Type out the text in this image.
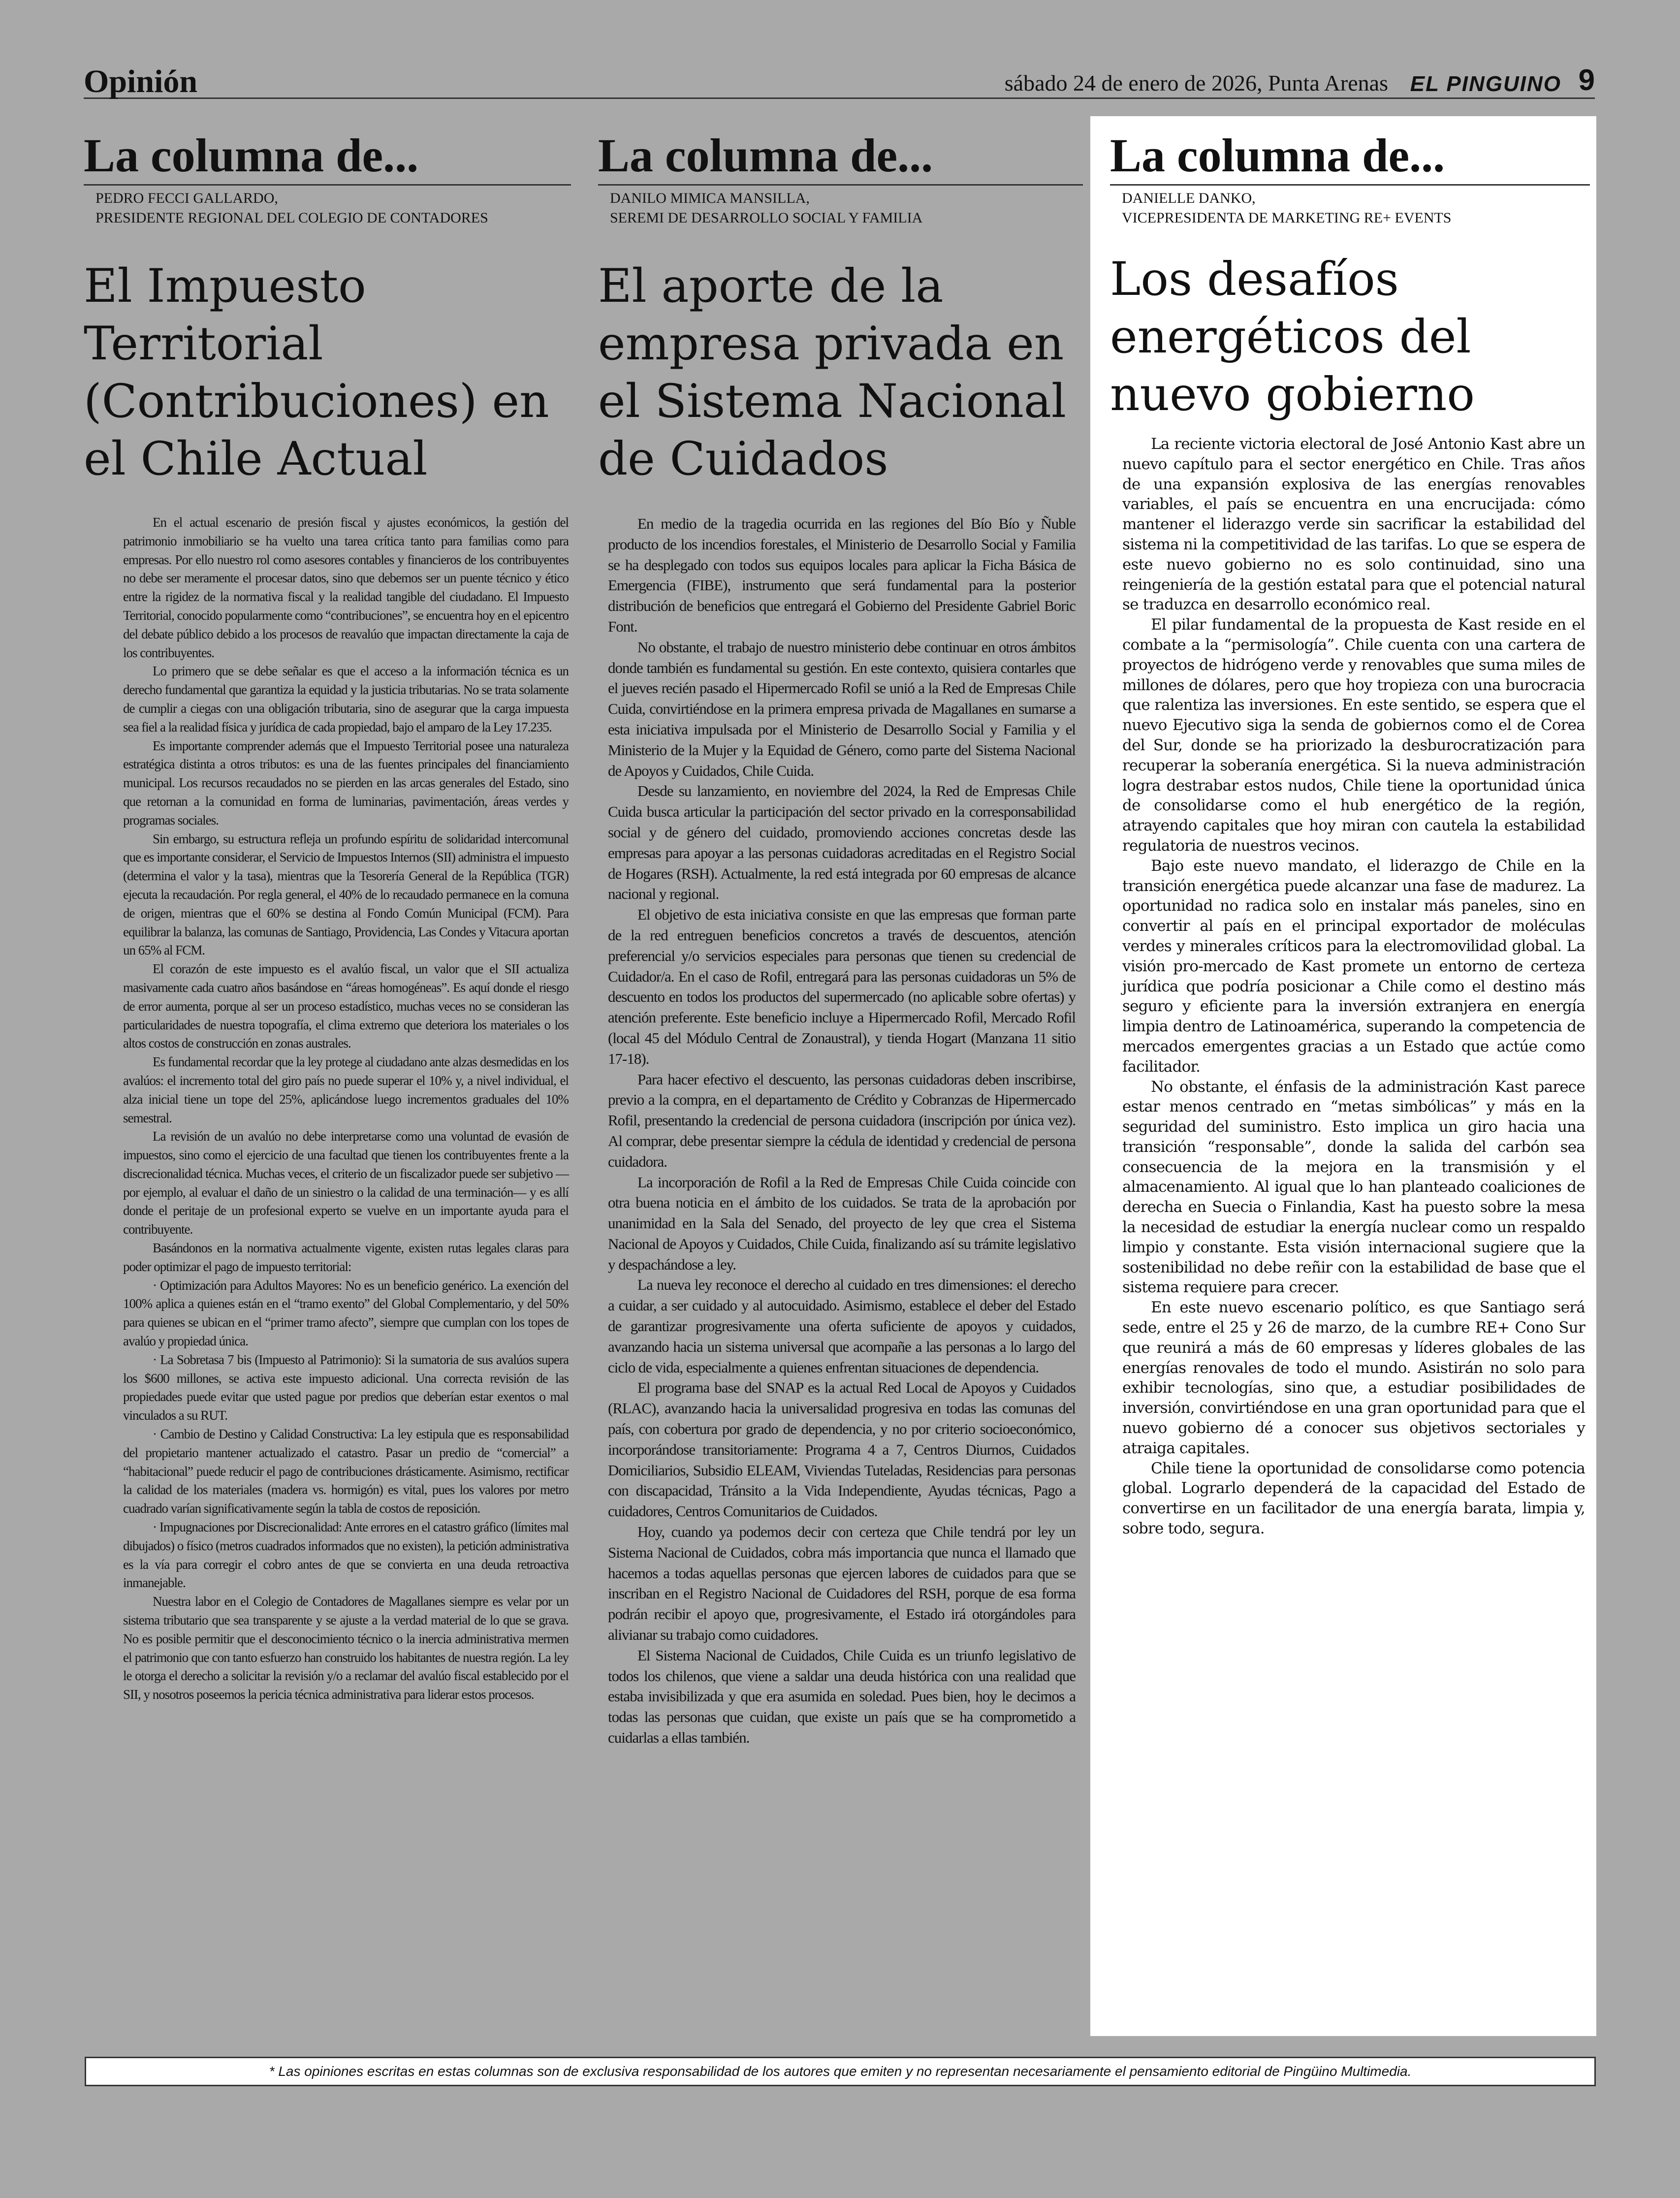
Opinión	sábado 24 de enero de 2026, Punta Arenas EL PINGUINO 9
La columna de...
PEDRO FECCI GALLARDO,
PRESIDENTE REGIONAL DEL COLEGIO DE CONTADORES
El Impuesto Territorial (Contribuciones) en el Chile Actual

En el actual escenario de presión fiscal y ajustes económicos, la gestión del patrimonio inmobiliario se ha vuelto una tarea crítica tanto para familias como para empresas. Por ello nuestro rol como asesores contables y financieros de los contribuyentes no debe ser meramente el procesar datos, sino que debemos ser un puente técnico y ético entre la rigidez de la normativa fiscal y la realidad tangible del ciudadano. El Impuesto Territorial, conocido popularmente como “contribuciones”, se encuentra hoy en el epicentro del debate público debido a los procesos de reavalúo que impactan directamente la caja de los contribuyentes.

Lo primero que se debe señalar es que el acceso a la información técnica es un derecho fundamental que garantiza la equidad y la justicia tributarias. No se trata solamente de cumplir a ciegas con una obligación tributaria, sino de asegurar que la carga impuesta sea fiel a la realidad física y jurídica de cada propiedad, bajo el amparo de la Ley 17.235.

Es importante comprender además que el Impuesto Territorial posee una naturaleza estratégica distinta a otros tributos: es una de las fuentes principales del financiamiento municipal. Los recursos recaudados no se pierden en las arcas generales del Estado, sino que retornan a la comunidad en forma de luminarias, pavimentación, áreas verdes y programas sociales.

Sin embargo, su estructura refleja un profundo espíritu de solidaridad intercomunal que es importante considerar, el Servicio de Impuestos Internos (SII) administra el impuesto (determina el valor y la tasa), mientras que la Tesorería General de la República (TGR) ejecuta la recaudación. Por regla general, el 40% de lo recaudado permanece en la comuna de origen, mientras que el 60% se destina al Fondo Común Municipal (FCM). Para equilibrar la balanza, las comunas de Santiago, Providencia, Las Condes y Vitacura aportan un 65% al FCM.

El corazón de este impuesto es el avalúo fiscal, un valor que el SII actualiza masivamente cada cuatro años basándose en “áreas homogéneas”. Es aquí donde el riesgo de error aumenta, porque al ser un proceso estadístico, muchas veces no se consideran las particularidades de nuestra topografía, el clima extremo que deteriora los materiales o los altos costos de construcción en zonas australes.

Es fundamental recordar que la ley protege al ciudadano ante alzas desmedidas en los avalúos: el incremento total del giro país no puede superar el 10% y, a nivel individual, el alza inicial tiene un tope del 25%, aplicándose luego incrementos graduales del 10% semestral.

La revisión de un avalúo no debe interpretarse como una voluntad de evasión de impuestos, sino como el ejercicio de una facultad que tienen los contribuyentes frente a la discrecionalidad técnica. Muchas veces, el criterio de un fiscalizador puede ser subjetivo —por ejemplo, al evaluar el daño de un siniestro o la calidad de una terminación— y es allí donde el peritaje de un profesional experto se vuelve en un importante ayuda para el contribuyente.

Basándonos en la normativa actualmente vigente, existen rutas legales claras para poder optimizar el pago de impuesto territorial:

· Optimización para Adultos Mayores: No es un beneficio genérico. La exención del 100% aplica a quienes están en el “tramo exento” del Global Complementario, y del 50% para quienes se ubican en el “primer tramo afecto”, siempre que cumplan con los topes de avalúo y propiedad única.

· La Sobretasa 7 bis (Impuesto al Patrimonio): Si la sumatoria de sus avalúos supera los $600 millones, se activa este impuesto adicional. Una correcta revisión de las propiedades puede evitar que usted pague por predios que deberían estar exentos o mal vinculados a su RUT.

· Cambio de Destino y Calidad Constructiva: La ley estipula que es responsabilidad del propietario mantener actualizado el catastro. Pasar un predio de “comercial” a “habitacional” puede reducir el pago de contribuciones drásticamente. Asimismo, rectificar la calidad de los materiales (madera vs. hormigón) es vital, pues los valores por metro cuadrado varían significativamente según la tabla de costos de reposición.

· Impugnaciones por Discrecionalidad: Ante errores en el catastro gráfico (límites mal dibujados) o físico (metros cuadrados informados que no existen), la petición administrativa es la vía para corregir el cobro antes de que se convierta en una deuda retroactiva inmanejable.

Nuestra labor en el Colegio de Contadores de Magallanes siempre es velar por un sistema tributario que sea transparente y se ajuste a la verdad material de lo que se grava. No es posible permitir que el desconocimiento técnico o la inercia administrativa mermen el patrimonio que con tanto esfuerzo han construido los habitantes de nuestra región. La ley le otorga el derecho a solicitar la revisión y/o a reclamar del avalúo fiscal establecido por el SII, y nosotros poseemos la pericia técnica administrativa para liderar estos procesos.

La columna de...
DANILO MIMICA MANSILLA,
SEREMI DE DESARROLLO SOCIAL Y FAMILIA
El aporte de la empresa privada en el Sistema Nacional de Cuidados

En medio de la tragedia ocurrida en las regiones del Bío Bío y Ñuble producto de los incendios forestales, el Ministerio de Desarrollo Social y Familia se ha desplegado con todos sus equipos locales para aplicar la Ficha Básica de Emergencia (FIBE), instrumento que será fundamental para la posterior distribución de beneficios que entregará el Gobierno del Presidente Gabriel Boric Font.

No obstante, el trabajo de nuestro ministerio debe continuar en otros ámbitos donde también es fundamental su gestión. En este contexto, quisiera contarles que el jueves recién pasado el Hipermercado Rofil se unió a la Red de Empresas Chile Cuida, convirtiéndose en la primera empresa privada de Magallanes en sumarse a esta iniciativa impulsada por el Ministerio de Desarrollo Social y Familia y el Ministerio de la Mujer y la Equidad de Género, como parte del Sistema Nacional de Apoyos y Cuidados, Chile Cuida.

Desde su lanzamiento, en noviembre del 2024, la Red de Empresas Chile Cuida busca articular la participación del sector privado en la corresponsabilidad social y de género del cuidado, promoviendo acciones concretas desde las empresas para apoyar a las personas cuidadoras acreditadas en el Registro Social de Hogares (RSH). Actualmente, la red está integrada por 60 empresas de alcance nacional y regional.

El objetivo de esta iniciativa consiste en que las empresas que forman parte de la red entreguen beneficios concretos a través de descuentos, atención preferencial y/o servicios especiales para personas que tienen su credencial de Cuidador/a. En el caso de Rofil, entregará para las personas cuidadoras un 5% de descuento en todos los productos del supermercado (no aplicable sobre ofertas) y atención preferente. Este beneficio incluye a Hipermercado Rofil, Mercado Rofil (local 45 del Módulo Central de Zonaustral), y tienda Hogart (Manzana 11 sitio 17-18).

Para hacer efectivo el descuento, las personas cuidadoras deben inscribirse, previo a la compra, en el departamento de Crédito y Cobranzas de Hipermercado Rofil, presentando la credencial de persona cuidadora (inscripción por única vez). Al comprar, debe presentar siempre la cédula de identidad y credencial de persona cuidadora.

La incorporación de Rofil a la Red de Empresas Chile Cuida coincide con otra buena noticia en el ámbito de los cuidados. Se trata de la aprobación por unanimidad en la Sala del Senado, del proyecto de ley que crea el Sistema Nacional de Apoyos y Cuidados, Chile Cuida, finalizando así su trámite legislativo y despachándose a ley.

La nueva ley reconoce el derecho al cuidado en tres dimensiones: el derecho a cuidar, a ser cuidado y al autocuidado. Asimismo, establece el deber del Estado de garantizar progresivamente una oferta suficiente de apoyos y cuidados, avanzando hacia un sistema universal que acompañe a las personas a lo largo del ciclo de vida, especialmente a quienes enfrentan situaciones de dependencia.

El programa base del SNAP es la actual Red Local de Apoyos y Cuidados (RLAC), avanzando hacia la universalidad progresiva en todas las comunas del país, con cobertura por grado de dependencia, y no por criterio socioeconómico, incorporándose transitoriamente: Programa 4 a 7, Centros Diurnos, Cuidados Domiciliarios, Subsidio ELEAM, Viviendas Tuteladas, Residencias para personas con discapacidad, Tránsito a la Vida Independiente, Ayudas técnicas, Pago a cuidadores, Centros Comunitarios de Cuidados.

Hoy, cuando ya podemos decir con certeza que Chile tendrá por ley un Sistema Nacional de Cuidados, cobra más importancia que nunca el llamado que hacemos a todas aquellas personas que ejercen labores de cuidados para que se inscriban en el Registro Nacional de Cuidadores del RSH, porque de esa forma podrán recibir el apoyo que, progresivamente, el Estado irá otorgándoles para alivianar su trabajo como cuidadores.

El Sistema Nacional de Cuidados, Chile Cuida es un triunfo legislativo de todos los chilenos, que viene a saldar una deuda histórica con una realidad que estaba invisibilizada y que era asumida en soledad. Pues bien, hoy le decimos a todas las personas que cuidan, que existe un país que se ha comprometido a cuidarlas a ellas también.

La columna de...
DANIELLE DANKO,
VICEPRESIDENTA DE MARKETING RE+ EVENTS
Los desafíos energéticos del nuevo gobierno

La reciente victoria electoral de José Antonio Kast abre un nuevo capítulo para el sector energético en Chile. Tras años de una expansión explosiva de las energías renovables variables, el país se encuentra en una encrucijada: cómo mantener el liderazgo verde sin sacrificar la estabilidad del sistema ni la competitividad de las tarifas. Lo que se espera de este nuevo gobierno no es solo continuidad, sino una reingeniería de la gestión estatal para que el potencial natural se traduzca en desarrollo económico real.

El pilar fundamental de la propuesta de Kast reside en el combate a la “permisología”. Chile cuenta con una cartera de proyectos de hidrógeno verde y renovables que suma miles de millones de dólares, pero que hoy tropieza con una burocracia que ralentiza las inversiones. En este sentido, se espera que el nuevo Ejecutivo siga la senda de gobiernos como el de Corea del Sur, donde se ha priorizado la desburocratización para recuperar la soberanía energética. Si la nueva administración logra destrabar estos nudos, Chile tiene la oportunidad única de consolidarse como el hub energético de la región, atrayendo capitales que hoy miran con cautela la estabilidad regulatoria de nuestros vecinos.

Bajo este nuevo mandato, el liderazgo de Chile en la transición energética puede alcanzar una fase de madurez. La oportunidad no radica solo en instalar más paneles, sino en convertir al país en el principal exportador de moléculas verdes y minerales críticos para la electromovilidad global. La visión pro-mercado de Kast promete un entorno de certeza jurídica que podría posicionar a Chile como el destino más seguro y eficiente para la inversión extranjera en energía limpia dentro de Latinoamérica, superando la competencia de mercados emergentes gracias a un Estado que actúe como facilitador.

No obstante, el énfasis de la administración Kast parece estar menos centrado en “metas simbólicas” y más en la seguridad del suministro. Esto implica un giro hacia una transición “responsable”, donde la salida del carbón sea consecuencia de la mejora en la transmisión y el almacenamiento. Al igual que lo han planteado coaliciones de derecha en Suecia o Finlandia, Kast ha puesto sobre la mesa la necesidad de estudiar la energía nuclear como un respaldo limpio y constante. Esta visión internacional sugiere que la sostenibilidad no debe reñir con la estabilidad de base que el sistema requiere para crecer.

En este nuevo escenario político, es que Santiago será sede, entre el 25 y 26 de marzo, de la cumbre RE+ Cono Sur que reunirá a más de 60 empresas y líderes globales de las energías renovales de todo el mundo. Asistirán no solo para exhibir tecnologías, sino que, a estudiar posibilidades de inversión, convirtiéndose en una gran oportunidad para que el nuevo gobierno dé a conocer sus objetivos sectoriales y atraiga capitales.

Chile tiene la oportunidad de consolidarse como potencia global. Lograrlo dependerá de la capacidad del Estado de convertirse en un facilitador de una energía barata, limpia y, sobre todo, segura.

* Las opiniones escritas en estas columnas son de exclusiva responsabilidad de los autores que emiten y no representan necesariamente el pensamiento editorial de Pingüino Multimedia.
